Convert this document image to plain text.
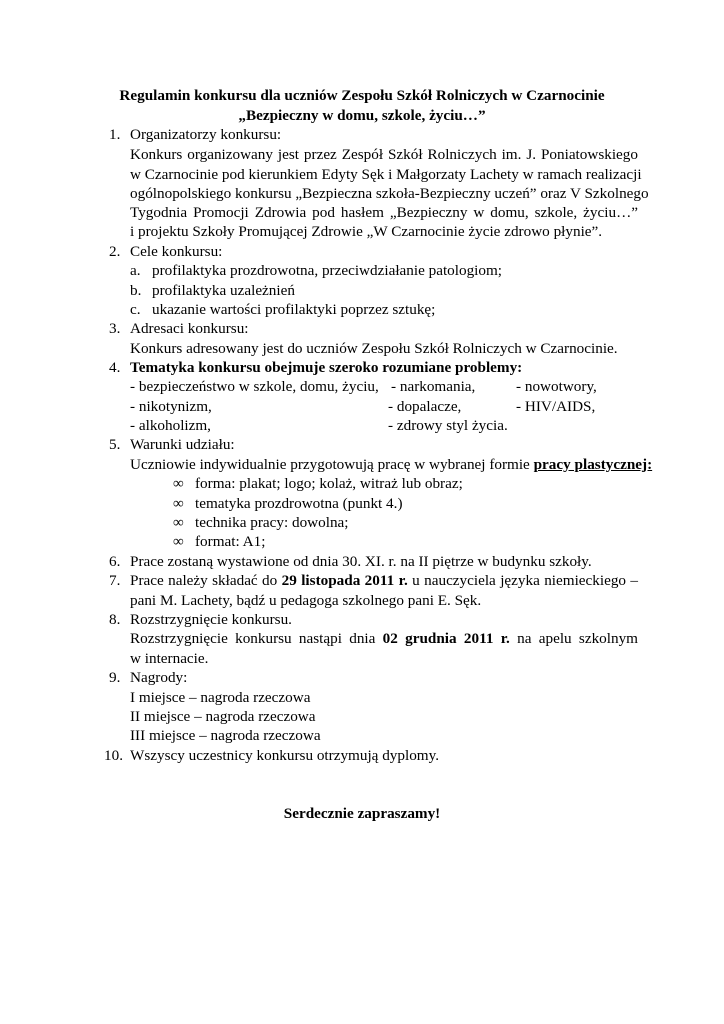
Regulamin konkursu dla uczniów Zespołu Szkół Rolniczych w Czarnocinie
„Bezpieczny w domu, szkole, życiu…”
1. Organizatorzy konkursu:
Konkurs organizowany jest przez Zespół Szkół Rolniczych im. J. Poniatowskiego
w Czarnocinie pod kierunkiem Edyty Sęk i Małgorzaty Lachety w ramach realizacji
ogólnopolskiego konkursu „Bezpieczna szkoła-Bezpieczny uczeń” oraz V Szkolnego
Tygodnia Promocji Zdrowia pod hasłem „Bezpieczny w domu, szkole, życiu…”
i projektu Szkoły Promującej Zdrowie „W Czarnocinie życie zdrowo płynie”.
2. Cele konkursu:
a. profilaktyka prozdrowotna, przeciwdziałanie patologiom;
b. profilaktyka uzależnień
c. ukazanie wartości profilaktyki poprzez sztukę;
3. Adresaci konkursu:
Konkurs adresowany jest do uczniów Zespołu Szkół Rolniczych w Czarnocinie.
4. Tematyka konkursu obejmuje szeroko rozumiane problemy:
- bezpieczeństwo w szkole, domu, życiu, - narkomania,	- nowotwory,
- nikotynizm,	- dopalacze,	- HIV/AIDS,
- alkoholizm,	- zdrowy styl życia.
5. Warunki udziału:
Uczniowie indywidualnie przygotowują pracę w wybranej formie pracy plastycznej:
∞ forma: plakat; logo; kolaż, witraż lub obraz;
∞ tematyka prozdrowotna (punkt 4.)
∞ technika pracy: dowolna;
∞ format: A1;
6. Prace zostaną wystawione od dnia 30. XI. r. na II piętrze w budynku szkoły.
7. Prace należy składać do 29 listopada 2011 r. u nauczyciela języka niemieckiego –
pani M. Lachety, bądź u pedagoga szkolnego pani E. Sęk.
8. Rozstrzygnięcie konkursu.
Rozstrzygnięcie konkursu nastąpi dnia 02 grudnia 2011 r. na apelu szkolnym
w internacie.
9. Nagrody:
I miejsce – nagroda rzeczowa
II miejsce – nagroda rzeczowa
III miejsce – nagroda rzeczowa
10. Wszyscy uczestnicy konkursu otrzymują dyplomy.
Serdecznie zapraszamy!
